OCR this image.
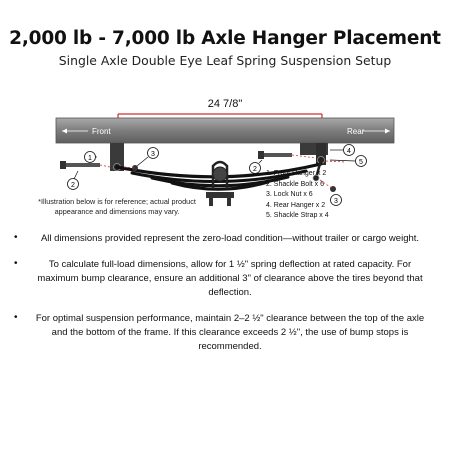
2,000 lb - 7,000 lb Axle Hanger Placement
Single Axle Double Eye Leaf Spring Suspension Setup
24 7/8"
Front	Rear
1
2
3	4
5
2
3
*Illustration below is for reference; actual product appearance and dimensions may vary.
1. Front Hanger x 2
2. Shackle Bolt x 6
3. Lock Nut x 6
4. Rear Hanger x 2
5. Shackle Strap x 4
•	All dimensions provided represent the zero-load condition—without trailer or cargo weight.
•	To calculate full-load dimensions, allow for 1 ½" spring deflection at rated capacity. For maximum bump clearance, ensure an additional 3" of clearance above the tires beyond that deflection.
•	For optimal suspension performance, maintain 2–2 ½" clearance between the top of the axle and the bottom of the frame. If this clearance exceeds 2 ½", the use of bump stops is recommended.
